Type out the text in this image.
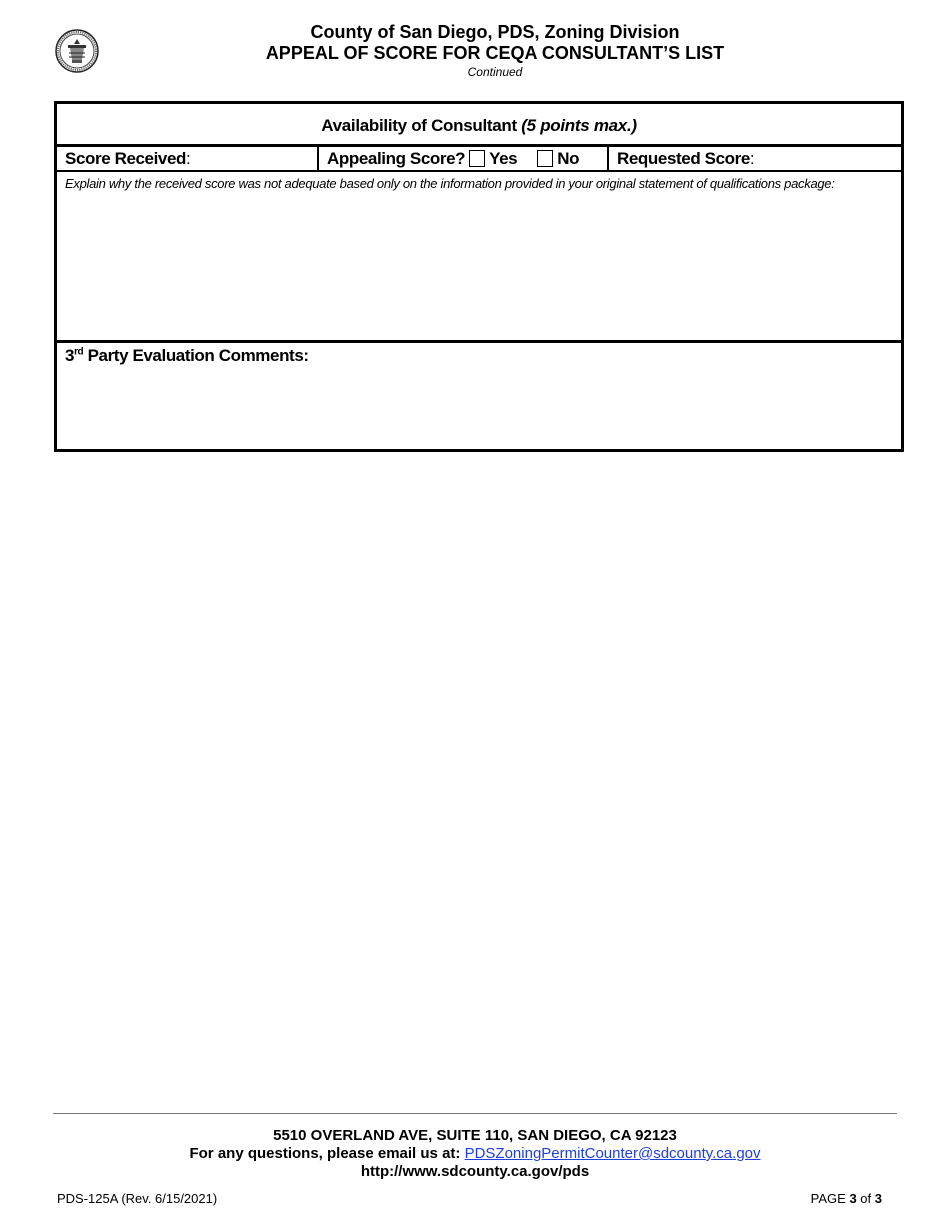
County of San Diego, PDS, Zoning Division
APPEAL OF SCORE FOR CEQA CONSULTANT’S LIST
Continued
Availability of Consultant (5 points max.)
Score Received:	Appealing Score? Yes No	Requested Score:

Explain why the received score was not adequate based only on the information provided in your original statement of qualifications package:

3rd Party Evaluation Comments:

5510 OVERLAND AVE, SUITE 110, SAN DIEGO, CA 92123
For any questions, please email us at: PDSZoningPermitCounter@sdcounty.ca.gov
http://www.sdcounty.ca.gov/pds
PDS-125A (Rev. 6/15/2021)	PAGE 3 of 3
